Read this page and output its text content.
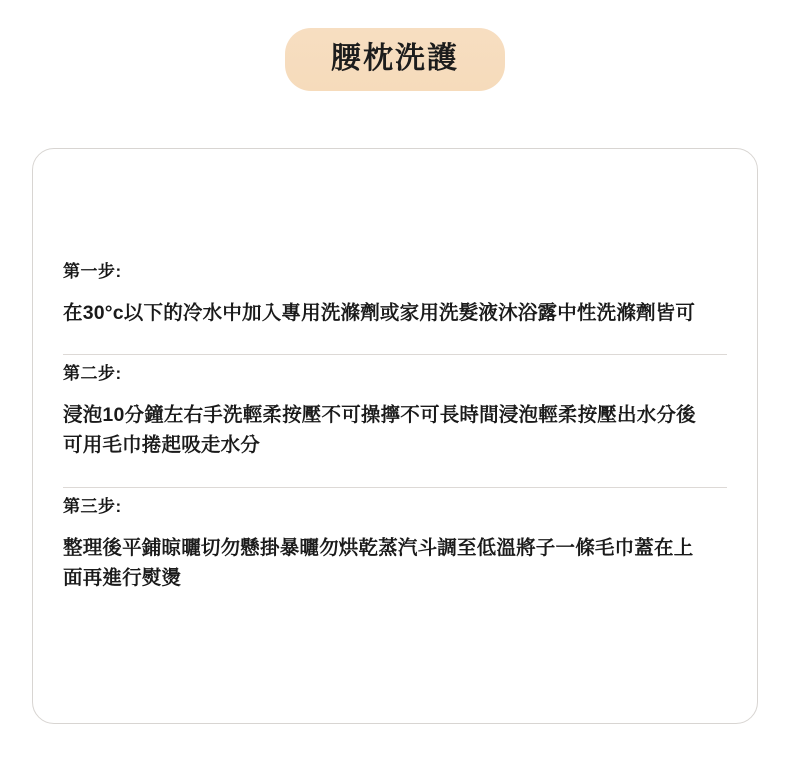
腰枕洗護
第一步:
在30°c以下的冷水中加入專用洗滌劑或家用洗髮液沐浴露中性洗滌劑皆可
第二步:
浸泡10分鐘左右手洗輕柔按壓不可操擰不可長時間浸泡輕柔按壓出水分後可用毛巾捲起吸走水分
第三步:
整理後平鋪晾曬切勿懸掛暴曬勿烘乾蒸汽斗調至低溫將子一條毛巾蓋在上面再進行熨燙
